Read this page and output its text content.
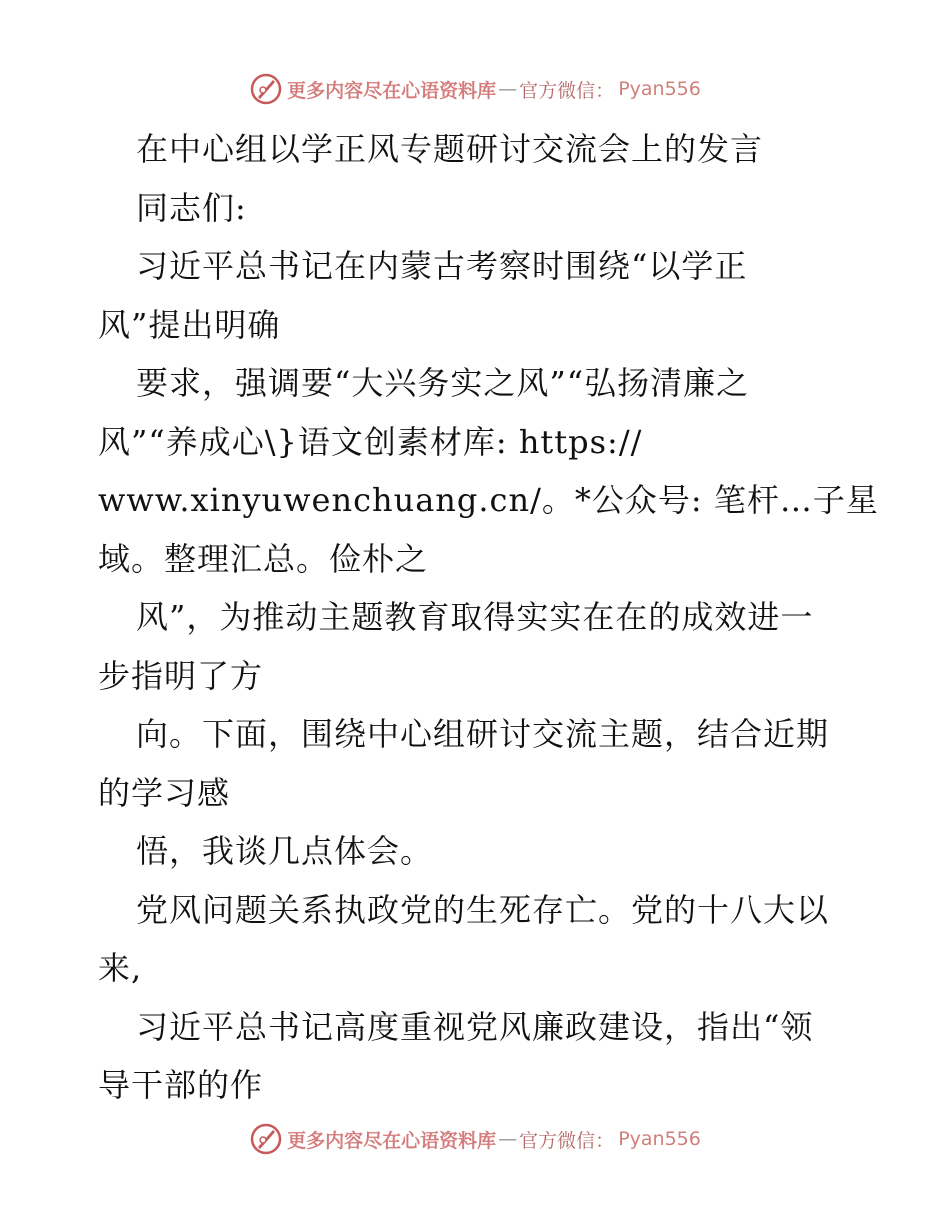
更多内容尽在心语资料库 — 官方微信： Pyan556
在中心组以学正风专题研讨交流会上的发言
同志们:
习近平总书记在内蒙古考察时围绕“以学正
风”提出明确
要求，强调要“大兴务实之风”“弘扬清廉之
风”“养成心\}语文创素材库: https://
www.xinyuwenchuang.cn/。*公众号: 笔杆…子星
域。整理汇总。俭朴之
风”，为推动主题教育取得实实在在的成效进一
步指明了方
向。下面，围绕中心组研讨交流主题，结合近期
的学习感
悟，我谈几点体会。
党风问题关系执政党的生死存亡。党的十八大以
来,
习近平总书记高度重视党风廉政建设，指出“领
导干部的作
更多内容尽在心语资料库 — 官方微信： Pyan556
